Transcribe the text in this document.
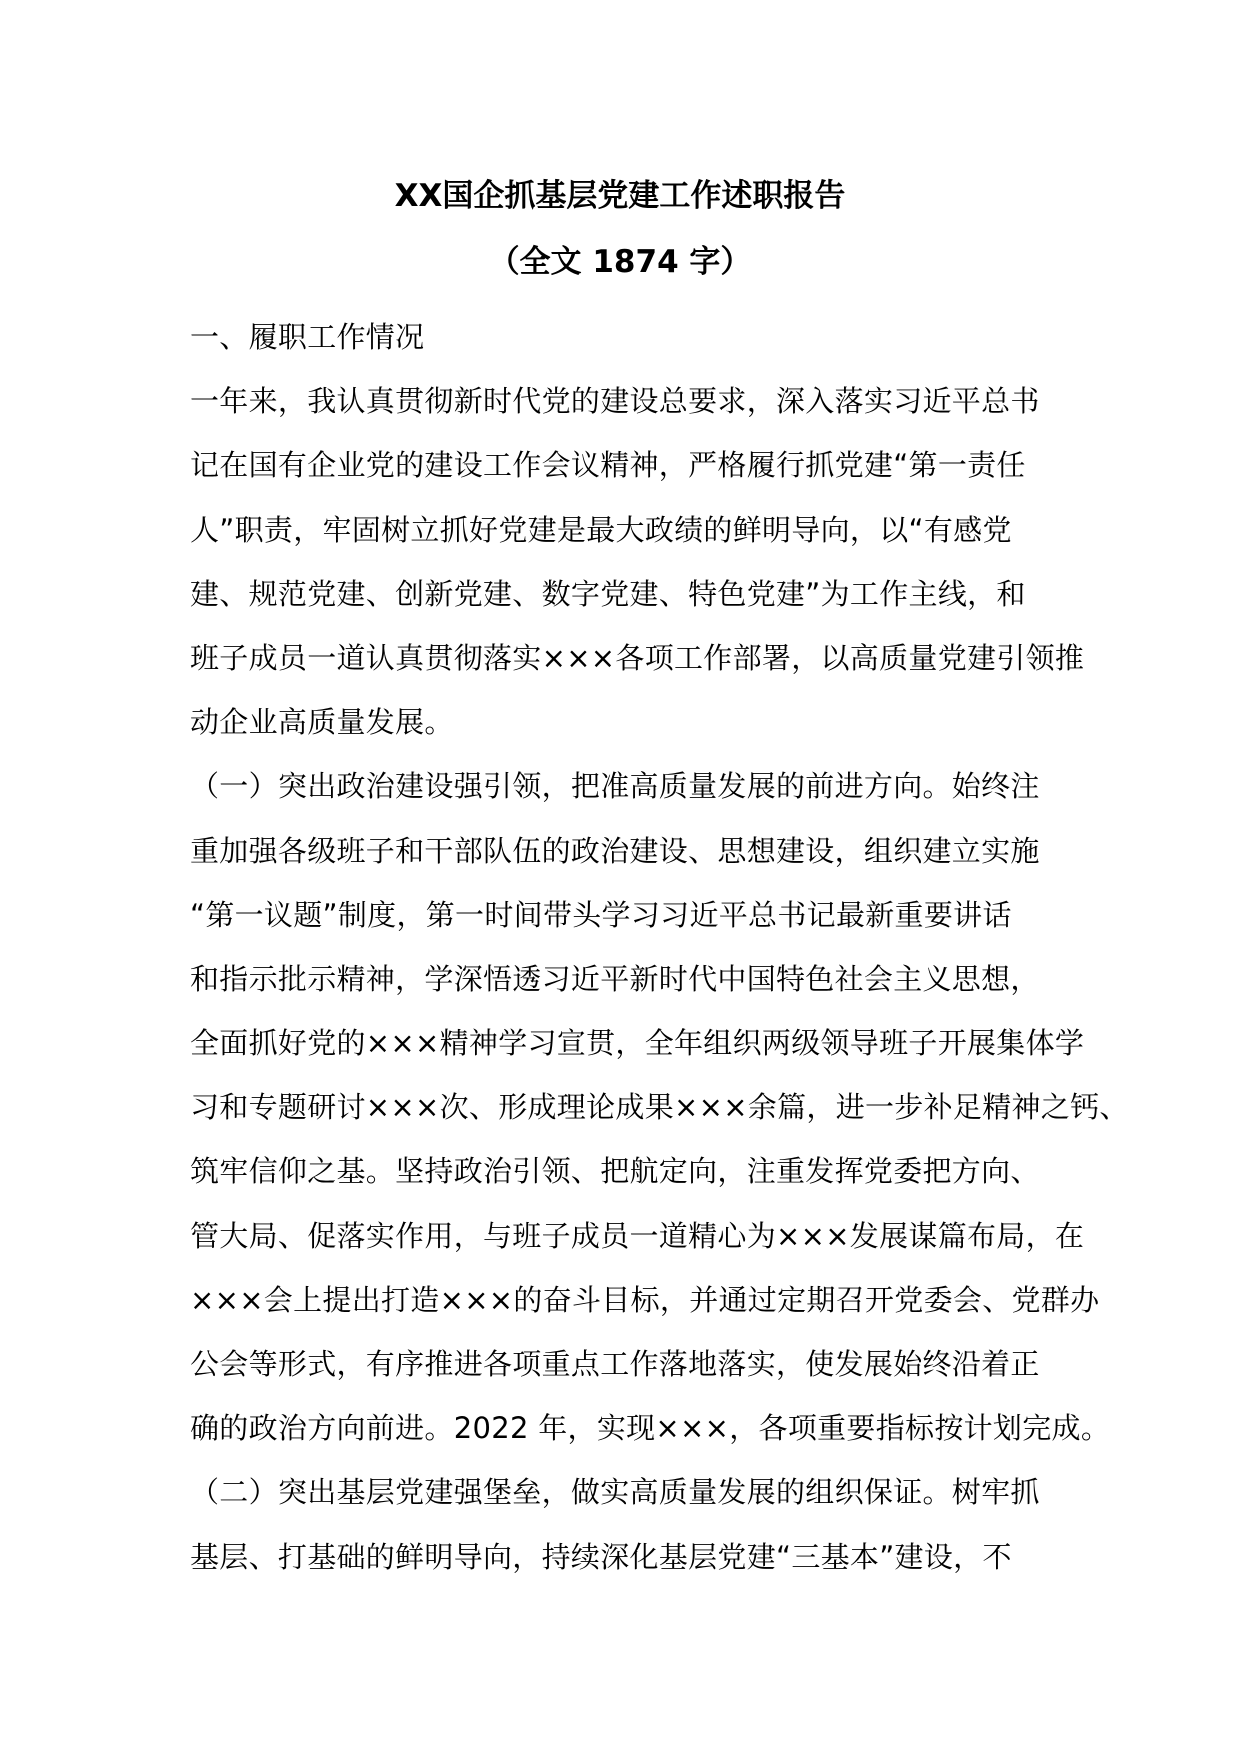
XX国企抓基层党建工作述职报告
（全文 1874 字）
一、履职工作情况
一年来，我认真贯彻新时代党的建设总要求，深入落实习近平总书
记在国有企业党的建设工作会议精神，严格履行抓党建“第一责任
人”职责，牢固树立抓好党建是最大政绩的鲜明导向，以“有感党
建、规范党建、创新党建、数字党建、特色党建”为工作主线，和
班子成员一道认真贯彻落实×××各项工作部署，以高质量党建引领推
动企业高质量发展。
（一）突出政治建设强引领，把准高质量发展的前进方向。始终注
重加强各级班子和干部队伍的政治建设、思想建设，组织建立实施
“第一议题”制度，第一时间带头学习习近平总书记最新重要讲话
和指示批示精神，学深悟透习近平新时代中国特色社会主义思想，
全面抓好党的×××精神学习宣贯，全年组织两级领导班子开展集体学
习和专题研讨×××次、形成理论成果×××余篇，进一步补足精神之钙、
筑牢信仰之基。坚持政治引领、把航定向，注重发挥党委把方向、
管大局、促落实作用，与班子成员一道精心为×××发展谋篇布局，在
×××会上提出打造×××的奋斗目标，并通过定期召开党委会、党群办
公会等形式，有序推进各项重点工作落地落实，使发展始终沿着正
确的政治方向前进。2022 年，实现×××，各项重要指标按计划完成。
（二）突出基层党建强堡垒，做实高质量发展的组织保证。树牢抓
基层、打基础的鲜明导向，持续深化基层党建“三基本”建设，不
